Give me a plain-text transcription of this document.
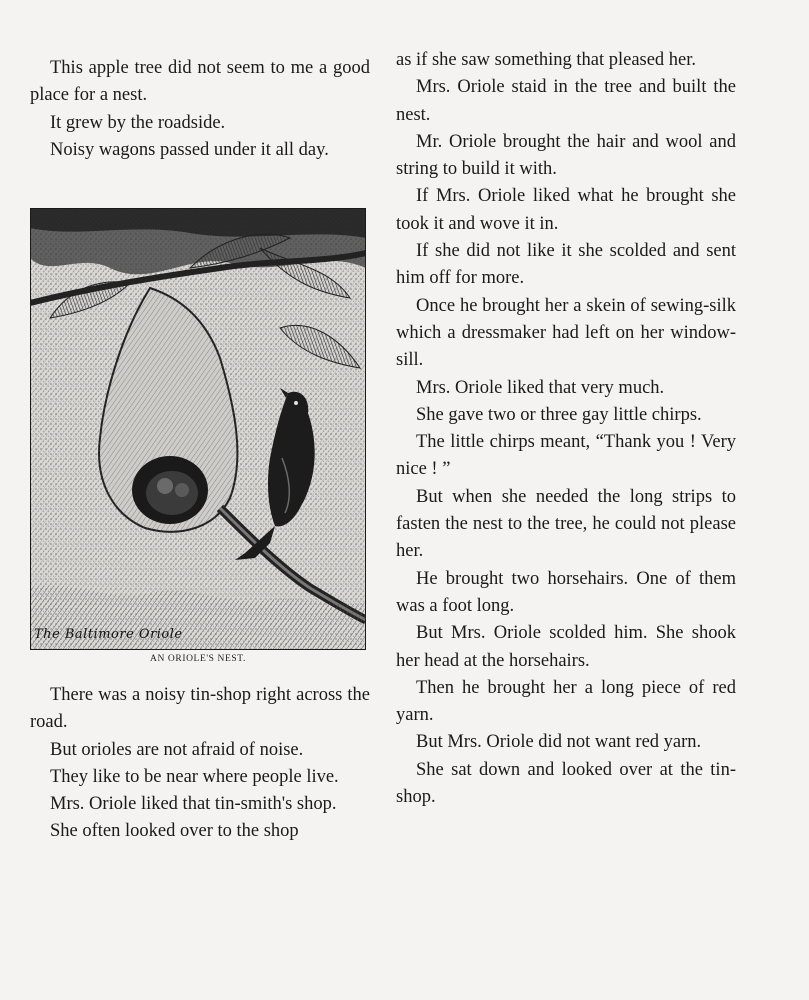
This apple tree did not seem to me a good place for a nest.

It grew by the roadside.

Noisy wagons passed under it all day.

The Baltimore Oriole
AN ORIOLE'S NEST.

There was a noisy tin-shop right across the road.

But orioles are not afraid of noise.

They like to be near where people live.

Mrs. Oriole liked that tin-smith's shop.

She often looked over to the shop

as if she saw something that pleased her.

Mrs. Oriole staid in the tree and built the nest.

Mr. Oriole brought the hair and wool and string to build it with.

If Mrs. Oriole liked what he brought she took it and wove it in.

If she did not like it she scolded and sent him off for more.

Once he brought her a skein of sewing-silk which a dressmaker had left on her window-sill.

Mrs. Oriole liked that very much.

She gave two or three gay little chirps.

The little chirps meant, “Thank you ! Very nice ! ”

But when she needed the long strips to fasten the nest to the tree, he could not please her.

He brought two horsehairs. One of them was a foot long.

But Mrs. Oriole scolded him. She shook her head at the horsehairs.

Then he brought her a long piece of red yarn.

But Mrs. Oriole did not want red yarn.

She sat down and looked over at the tin-shop.
